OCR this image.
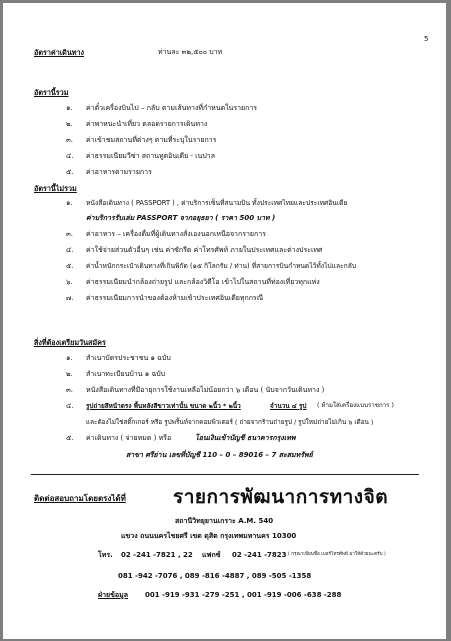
5
อัตราค่าเดินทาง	ท่านละ ๓๒,๕๐๐ บาท
อัตรานี้รวม
๑. ค่าตั๋วเครื่องบินไป – กลับ ตามเส้นทางที่กำหนดในรายการ
๒. ค่าพาหนะนำเที่ยว ตลอดรายการเดินทาง
๓. ค่าเข้าชมสถานที่ต่างๆ ตามที่ระบุในรายการ
๔. ค่าธรรมเนียมวีซ่า สถานทูตอินเดีย - เนปาล
๕. ค่าอาหารตามรายการ
อัตรานี้ไม่รวม
๑. หนังสือเดินทาง ( PASSPORT ) , ค่าบริการเซ็นที่สนามบิน ทั้งประเทศไทยและประเทศอินเดีย
ค่าบริการรับเล่ม PASSPORT จากอยุธยา ( ราคา 500 บาท )
๓. ค่าอาหาร – เครื่องดื่มที่ผู้เดินทางสั่งเองนอกเหนือจากรายการ
๔. ค่าใช้จ่ายส่วนตัวอื่นๆ เช่น ค่าซักรีด ค่าโทรศัพท์ ภายในประเทศและต่างประเทศ
๕. ค่าน้ำหนักกระเป๋าเดินทางที่เกินพิกัด (๑๕ กิโลกรัม / ท่าน) ที่สายการบินกำหนดไว้ทั้งไปและกลับ
๖. ค่าธรรมเนียมนำกล้องถ่ายรูป และกล้องวิดีโอ เข้าไปในสถานที่ท่องเที่ยวทุกแห่ง
๗. ค่าธรรมเนียมการนำของต้องห้ามเข้าประเทศอินเดียทุกกรณี
สิ่งที่ต้องเตรียมวันสมัคร
๑. สำเนาบัตรประชาชน ๑ ฉบับ
๒. สำเนาทะเบียนบ้าน ๑ ฉบับ
๓. หนังสือเดินทางที่มีอายุการใช้งานเหลือไม่น้อยกว่า ๖ เดือน ( นับจากวันเดินทาง )
๔. รูปถ่ายสีหน้าตรง พื้นหลังสีขาวเท่านั้น ขนาด ๒นิ้ว * ๒นิ้ว	จำนวน ๔ รูป ( ห้ามใส่เครื่องแบบราชการ )
และต้องไม่ใช่สติ๊กเกอร์ หรือ รูปพริ้นท์จากคอมพิวเตอร์ ( ถ่ายจากร้านถ่ายรูป / รูปใหม่ถ่ายไม่เกิน ๖ เดือน )
๕. ค่าเดินทาง ( จ่ายหมด ) หรือ	โอนเงินเข้าบัญชี ธนาคารกรุงเทพ
สาขา ศรีย่าน เลขที่บัญชี 110 – 0 – 89016 – 7 สะสมทรัพย์
ติดต่อสอบถามโดยตรงได้ที่ รายการพัฒนาการทางจิต
สถานีวิทยุยานเกราะ A.M. 540
แขวง ถนนนครไชยศรี เขต ดุสิต กรุงเทพมหานคร 10300
โทร. 02 -241 -7821 , 22 แฟกซ์ 02 -241 -7823 ( กรุณาเขียนชื่อ เบอร์โทรศัพท์ มาให้ด้วยนะครับ )
081 -942 -7076 , 089 -816 -4887 , 089 -505 -1358
ฝ่ายข้อมูล 001 -919 -931 -279 -251 , 001 -919 -006 -638 -288
